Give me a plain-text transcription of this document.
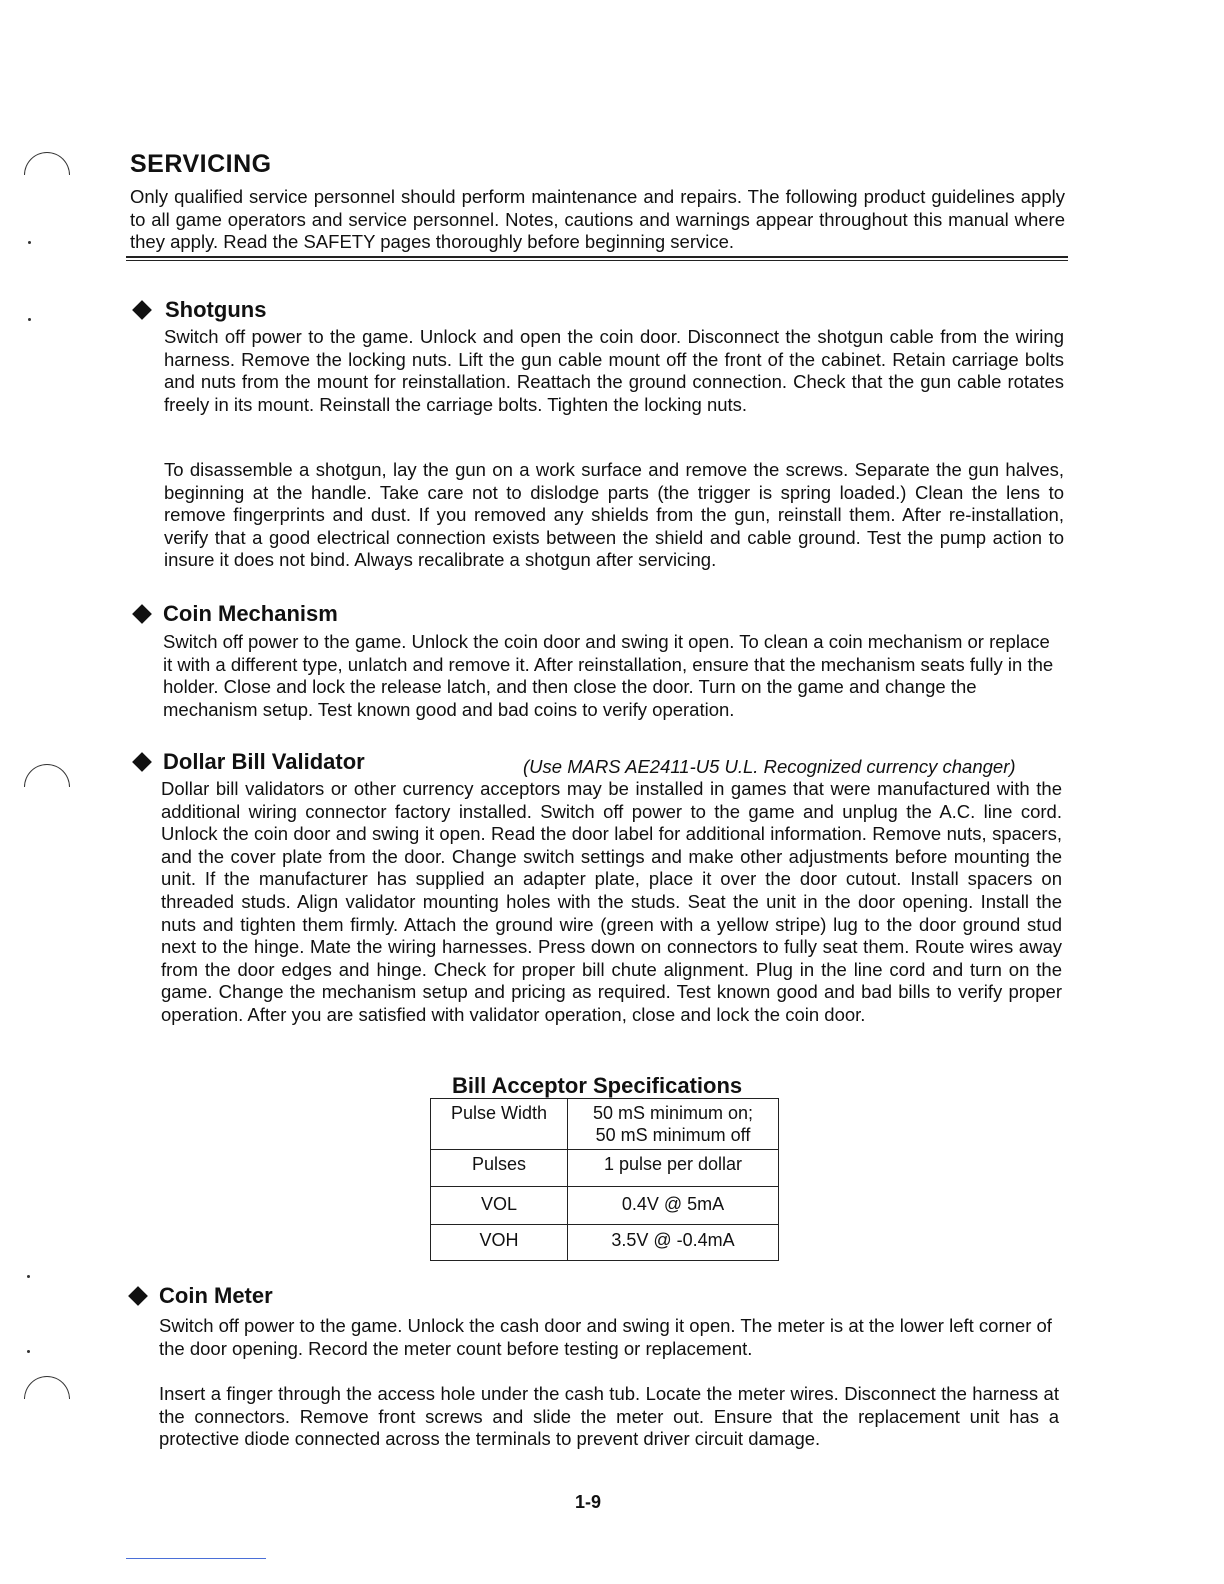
SERVICING

Only qualified service personnel should perform maintenance and repairs. The following product guidelines apply to all game operators and service personnel. Notes, cautions and warnings appear throughout this manual where they apply. Read the SAFETY pages thoroughly before beginning service.

Shotguns

Switch off power to the game. Unlock and open the coin door. Disconnect the shotgun cable from the wiring harness. Remove the locking nuts. Lift the gun cable mount off the front of the cabinet. Retain carriage bolts and nuts from the mount for reinstallation. Reattach the ground connection. Check that the gun cable rotates freely in its mount. Reinstall the carriage bolts. Tighten the locking nuts.

To disassemble a shotgun, lay the gun on a work surface and remove the screws. Separate the gun halves, beginning at the handle. Take care not to dislodge parts (the trigger is spring loaded.) Clean the lens to remove fingerprints and dust. If you removed any shields from the gun, reinstall them. After re-installation, verify that a good electrical connection exists between the shield and cable ground. Test the pump action to insure it does not bind. Always recalibrate a shotgun after servicing.

Coin Mechanism

Switch off power to the game. Unlock the coin door and swing it open. To clean a coin mechanism or replace it with a different type, unlatch and remove it. After reinstallation, ensure that the mechanism seats fully in the holder. Close and lock the release latch, and then close the door. Turn on the game and change the mechanism setup. Test known good and bad coins to verify operation.

Dollar Bill Validator	(Use MARS AE2411-U5 U.L. Recognized currency changer)

Dollar bill validators or other currency acceptors may be installed in games that were manufactured with the additional wiring connector factory installed. Switch off power to the game and unplug the A.C. line cord. Unlock the coin door and swing it open. Read the door label for additional information. Remove nuts, spacers, and the cover plate from the door. Change switch settings and make other adjustments before mounting the unit. If the manufacturer has supplied an adapter plate, place it over the door cutout. Install spacers on threaded studs. Align validator mounting holes with the studs. Seat the unit in the door opening. Install the nuts and tighten them firmly. Attach the ground wire (green with a yellow stripe) lug to the door ground stud next to the hinge. Mate the wiring harnesses. Press down on connectors to fully seat them. Route wires away from the door edges and hinge. Check for proper bill chute alignment. Plug in the line cord and turn on the game. Change the mechanism setup and pricing as required. Test known good and bad bills to verify proper operation. After you are satisfied with validator operation, close and lock the coin door.

Bill Acceptor Specifications
Pulse Width	50 mS minimum on;
50 mS minimum off

Pulses	1 pulse per dollar
VOL	0.4V @ 5mA
VOH	3.5V @ -0.4mA
Coin Meter

Switch off power to the game. Unlock the cash door and swing it open. The meter is at the lower left corner of the door opening. Record the meter count before testing or replacement.

Insert a finger through the access hole under the cash tub. Locate the meter wires. Disconnect the harness at the connectors. Remove front screws and slide the meter out. Ensure that the replacement unit has a protective diode connected across the terminals to prevent driver circuit damage.

1-9
